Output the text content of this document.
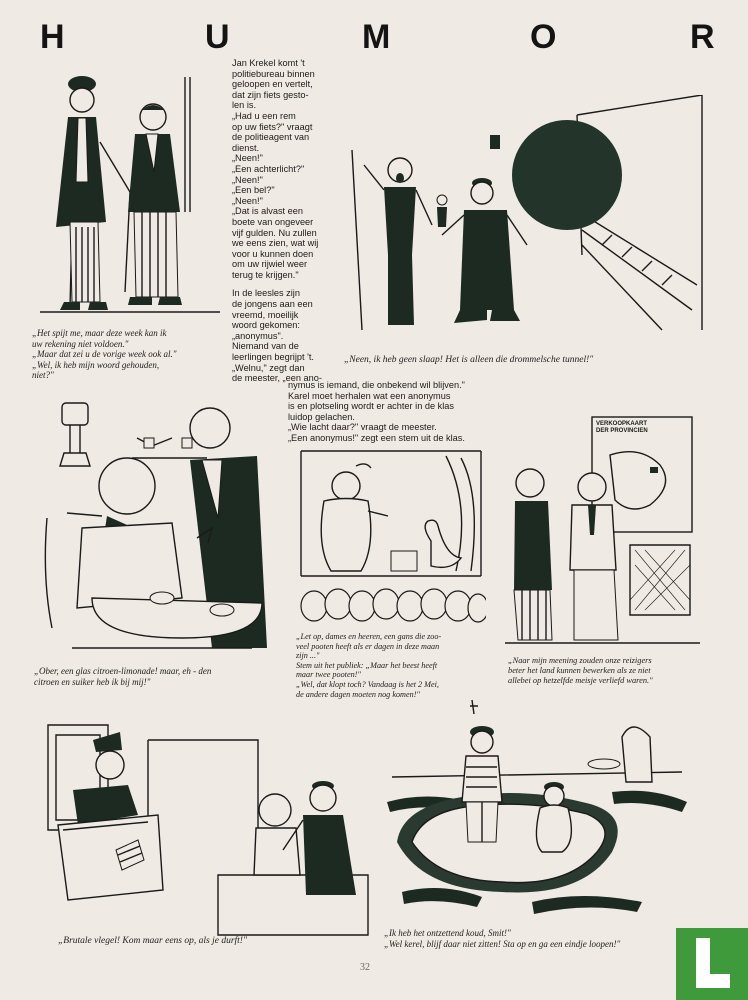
H	U	M	O	R

„Het spijt me, maar deze week kan ik

uw rekening niet voldoen."

„Maar dat zei u de vorige week ook al."

„Wel, ik heb mijn woord gehouden,

niet?"

Jan Krekel komt 't

politiebureau binnen

geloopen en vertelt,

dat zijn fiets gesto-

len is.

„Had u een rem

op uw fiets?" vraagt

de politieagent van

dienst.

„Neen!"

„Een achterlicht?"

„Neen!"

„Een bel?"

„Neen!"

„Dat is alvast een

boete van ongeveer

vijf gulden. Nu zullen

we eens zien, wat wij

voor u kunnen doen

om uw rijwiel weer

terug te krijgen."

In de leesles zijn

de jongens aan een

vreemd, moeilijk

woord gekomen:

„anonymus".

Niemand van de

leerlingen begrijpt 't.

„Welnu," zegt dan

de meester, „een ano-

nymus is iemand, die onbekend wil blijven."

Karel moet herhalen wat een anonymus

is en plotseling wordt er achter in de klas

luidop gelachen.

„Wie lacht daar?" vraagt de meester.

„Een anonymus!" zegt een stem uit de klas.

„Neen, ik heb geen slaap! Het is alleen die drommelsche tunnel!"

„Ober, een glas citroen-limonade! maar, eh - den

citroen en suiker heb ik bij mij!"

„Let op, dames en heeren, een gans die zoo-

veel pooten heeft als er dagen in deze maan

zijn ..."

Stem uit het publiek: „Maar het beest heeft

maar twee pooten!"

„Wel, dat klopt toch? Vandaag is het 2 Mei,

de andere dagen moeten nog komen!"

VERKOOPKAART
DER PROVINCIEN

„Naar mijn meening zouden onze reizigers

beter het land kunnen bewerken als ze niet

allebei op hetzelfde meisje verliefd waren."

„Brutale vlegel! Kom maar eens op, als je durft!"

„Ik heb het ontzettend koud, Smit!"

„Wel kerel, blijf daar niet zitten! Sta op en ga een eindje loopen!"

32
